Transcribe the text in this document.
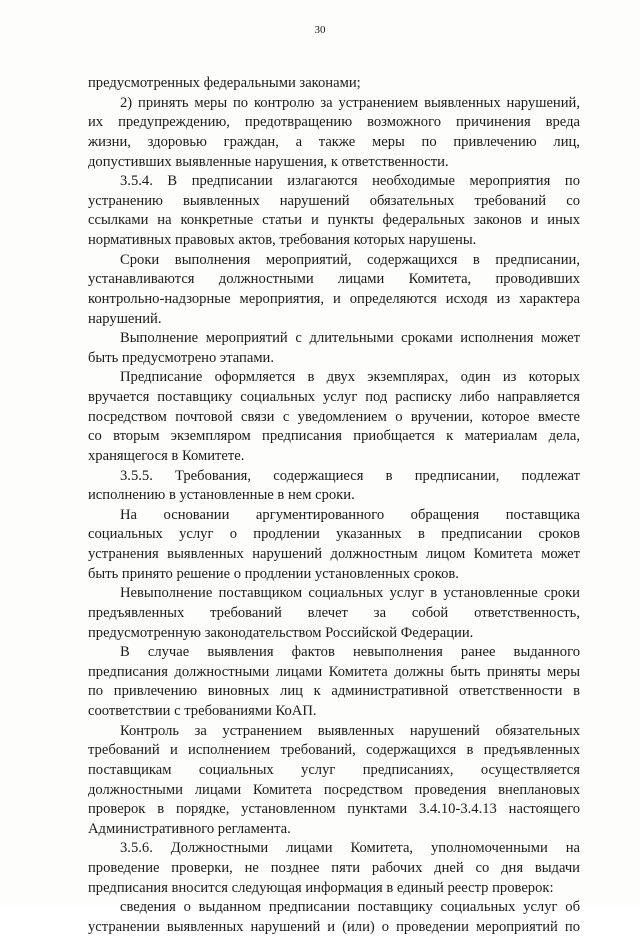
30
предусмотренных федеральными законами;
2) принять меры по контролю за устранением выявленных нарушений,
их предупреждению, предотвращению возможного причинения вреда
жизни, здоровью граждан, а также меры по привлечению лиц,
допустивших выявленные нарушения, к ответственности.
3.5.4. В предписании излагаются необходимые мероприятия по
устранению выявленных нарушений обязательных требований со
ссылками на конкретные статьи и пункты федеральных законов и иных
нормативных правовых актов, требования которых нарушены.
Сроки выполнения мероприятий, содержащихся в предписании,
устанавливаются должностными лицами Комитета, проводивших
контрольно-надзорные мероприятия, и определяются исходя из характера
нарушений.
Выполнение мероприятий с длительными сроками исполнения может
быть предусмотрено этапами.
Предписание оформляется в двух экземплярах, один из которых
вручается поставщику социальных услуг под расписку либо направляется
посредством почтовой связи с уведомлением о вручении, которое вместе
со вторым экземпляром предписания приобщается к материалам дела,
хранящегося в Комитете.
3.5.5. Требования, содержащиеся в предписании, подлежат
исполнению в установленные в нем сроки.
На основании аргументированного обращения поставщика
социальных услуг о продлении указанных в предписании сроков
устранения выявленных нарушений должностным лицом Комитета может
быть принято решение о продлении установленных сроков.
Невыполнение поставщиком социальных услуг в установленные сроки
предъявленных требований влечет за собой ответственность,
предусмотренную законодательством Российской Федерации.
В случае выявления фактов невыполнения ранее выданного
предписания должностными лицами Комитета должны быть приняты меры
по привлечению виновных лиц к административной ответственности в
соответствии с требованиями КоАП.
Контроль за устранением выявленных нарушений обязательных
требований и исполнением требований, содержащихся в предъявленных
поставщикам социальных услуг предписаниях, осуществляется
должностными лицами Комитета посредством проведения внеплановых
проверок в порядке, установленном пунктами 3.4.10-3.4.13 настоящего
Административного регламента.
3.5.6. Должностными лицами Комитета, уполномоченными на
проведение проверки, не позднее пяти рабочих дней со дня выдачи
предписания вносится следующая информация в единый реестр проверок:
сведения о выданном предписании поставщику социальных услуг об
устранении выявленных нарушений и (или) о проведении мероприятий по
